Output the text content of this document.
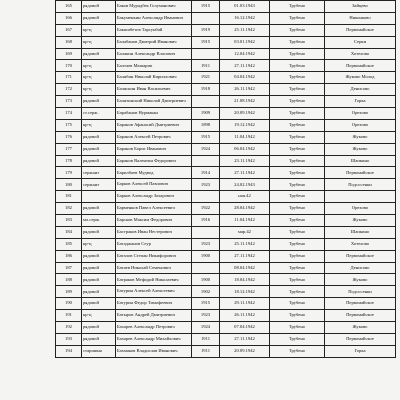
165	рядовой	Баков Мурадбек Голуманович	1915	01.03.1943	Трубено	Зайцево
166	рядовой	Бакуменкин Александр Иванович		16.12.1942	Трубено	Никонково
167	кр-ц	Бакшибетов Тарсунбай	1919	25.11.1942	Трубено	Первомайское
168	кр-ц	Балабанов Дмитрий Иванович	1915	03.01.1942	Трубено	Серки
169	рядовой	Балакин Александр Власович		12.04.1942	Трубено	Хотелово
170	кр-ц	Балтаев Машарип	1911	27.11.1942	Трубено	Первомайское
171	кр-ц	Балябин Николай Кириллович	1921	04.04.1942	Трубено	Жуково Молод
172	кр-ц	Баляскин Иван Васильевич	1918	26.11.1942	Трубено	Денисово
173	рядовой	Балятинский Николай Дмитриевич		21.08.1942	Трубено	Горка
174	ст.серж.	Барабанов Нурмакан	1909	20.09.1942	Трубено	Орехово
175	кр-ц	Баранов Афанасий Дмитриевич	1898	19.12.1942	Трубено	Орехово
176	рядовой	Баранов Алексей Петрович	1915	11.04.1942	Трубено	Жуково
177	рядовой	Баранов Борис Иванович	1924	06.04.1942	Трубено	Жуково
178	рядовой	Баранов Валентин Федорович		23.11.1942	Трубено	Шапкино
179	сержант	Барилбаев Мудвод	1914	27.11.1942	Трубено	Первомайское
180	сержант	Барков Алексей Павлович	1923	24.02.1943	Трубено	Подсосенки
181		Барков Александр Захарович		ноя.42	Трубено	
182	рядовой	Барменков Павел Алексеевич	1922	28.04.1942	Трубено	Орехово
183	мл.серж.	Барсков Максим Федорович	1916	11.04.1942	Трубено	Жуково
184	рядовой	Бастраков Иван Нестерович		мар.42	Трубено	Шапкино
185	кр-ц	Батаджанов Сеур	1923	25.11.1942	Трубено	Хотелово
186	рядовой	Баталов Степан Никифорович	1900	27.11.1942	Трубено	Первомайское
187	рядовой	Батаев Николай Семенович		08.04.1942	Трубено	Денисово
188	рядовой	Батраков Мефодий Николаевич	1900	18.04.1942	Трубено	Жуково
189	рядовой	Батурин Алексей Алексеевич	1902	18.12.1942	Трубено	Подсосенки
190	рядовой	Батурин Федор Тимофеевич	1915	29.11.1942	Трубено	Первомайское
191	кр-ц	Батыров Андрей Дмитриевич	1923	26.11.1942	Трубено	Первомайское
192	рядовой	Бахарев Александр Петрович	1924	07.04.1942	Трубено	Жуково
193	рядовой	Бахарев Александр Михайлович	1911	27.11.1942	Трубено	Первомайское
194	старшина	Бахмаков Владислав Иванович	1911	20.09.1942	Трубено	Горка
